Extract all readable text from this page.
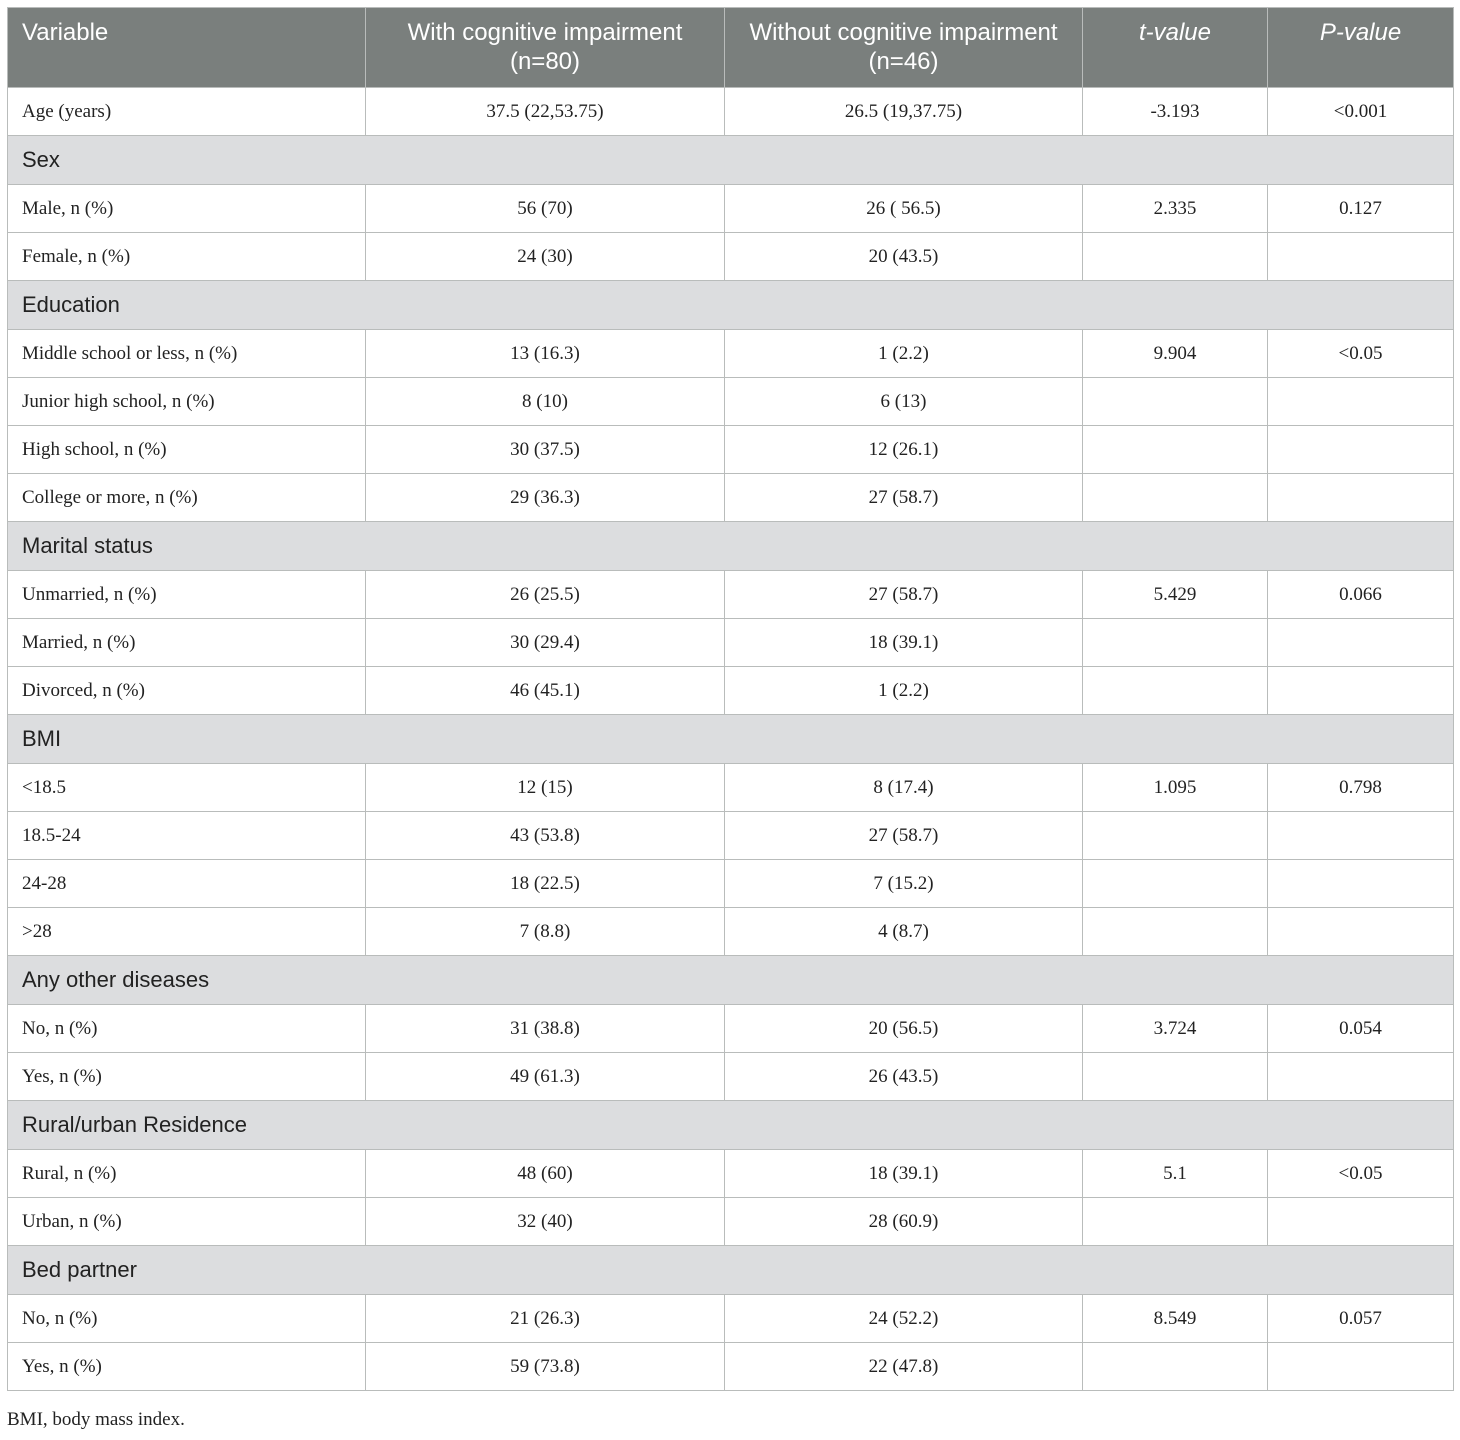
Variable	With cognitive impairment (n=80)	Without cognitive impairment (n=46)	t-value	P-value
Age (years)	37.5 (22,53.75)	26.5 (19,37.75)	-3.193	<0.001
Sex				
Male, n (%)	56 (70)	26 ( 56.5)	2.335	0.127
Female, n (%)	24 (30)	20 (43.5)		
Education				
Middle school or less, n (%)	13 (16.3)	1 (2.2)	9.904	<0.05
Junior high school, n (%)	8 (10)	6 (13)		
High school, n (%)	30 (37.5)	12 (26.1)		
College or more, n (%)	29 (36.3)	27 (58.7)		
Marital status				
Unmarried, n (%)	26 (25.5)	27 (58.7)	5.429	0.066
Married, n (%)	30 (29.4)	18 (39.1)		
Divorced, n (%)	46 (45.1)	1 (2.2)		
BMI				
<18.5	12 (15)	8 (17.4)	1.095	0.798
18.5-24	43 (53.8)	27 (58.7)		
24-28	18 (22.5)	7 (15.2)		
>28	7 (8.8)	4 (8.7)		
Any other diseases				
No, n (%)	31 (38.8)	20 (56.5)	3.724	0.054
Yes, n (%)	49 (61.3)	26 (43.5)		
Rural/urban Residence				
Rural, n (%)	48 (60)	18 (39.1)	5.1	<0.05
Urban, n (%)	32 (40)	28 (60.9)		
Bed partner				
No, n (%)	21 (26.3)	24 (52.2)	8.549	0.057
Yes, n (%)	59 (73.8)	22 (47.8)		
BMI, body mass index.
